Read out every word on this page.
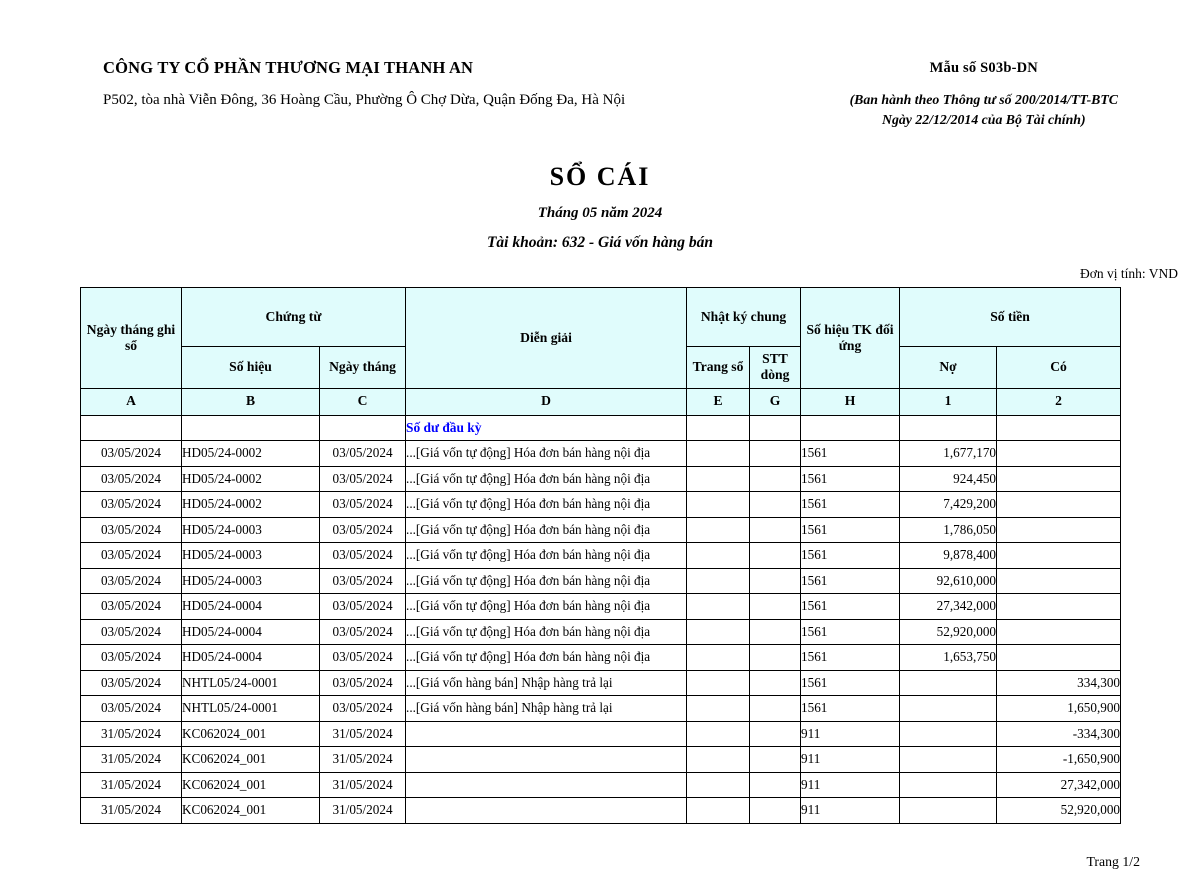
CÔNG TY CỔ PHẦN THƯƠNG MẠI THANH AN
P502, tòa nhà Viễn Đông, 36 Hoàng Cầu, Phường Ô Chợ Dừa, Quận Đống Đa, Hà Nội
Mẫu số S03b-DN
(Ban hành theo Thông tư số 200/2014/TT-BTC
Ngày 22/12/2014 của Bộ Tài chính)
SỔ CÁI
Tháng 05 năm 2024
Tài khoản: 632 - Giá vốn hàng bán
Đơn vị tính: VND
Ngày tháng ghi sổ	Chứng từ		Diễn giải	Nhật ký chung		Số hiệu TK đối ứng	Số tiền	

	Số hiệu	Ngày tháng		Trang sổ	STT dòng		Nợ	Có

A	B	C	D	E	G	H	1	2
			Số dư đầu kỳ					
03/05/2024	HD05/24-0002	03/05/2024	...[Giá vốn tự động] Hóa đơn bán hàng nội địa			1561	1,677,170	
03/05/2024	HD05/24-0002	03/05/2024	...[Giá vốn tự động] Hóa đơn bán hàng nội địa			1561	924,450	
03/05/2024	HD05/24-0002	03/05/2024	...[Giá vốn tự động] Hóa đơn bán hàng nội địa			1561	7,429,200	
03/05/2024	HD05/24-0003	03/05/2024	...[Giá vốn tự động] Hóa đơn bán hàng nội địa			1561	1,786,050	
03/05/2024	HD05/24-0003	03/05/2024	...[Giá vốn tự động] Hóa đơn bán hàng nội địa			1561	9,878,400	
03/05/2024	HD05/24-0003	03/05/2024	...[Giá vốn tự động] Hóa đơn bán hàng nội địa			1561	92,610,000	
03/05/2024	HD05/24-0004	03/05/2024	...[Giá vốn tự động] Hóa đơn bán hàng nội địa			1561	27,342,000	
03/05/2024	HD05/24-0004	03/05/2024	...[Giá vốn tự động] Hóa đơn bán hàng nội địa			1561	52,920,000	
03/05/2024	HD05/24-0004	03/05/2024	...[Giá vốn tự động] Hóa đơn bán hàng nội địa			1561	1,653,750	
03/05/2024	NHTL05/24-0001	03/05/2024	...[Giá vốn hàng bán] Nhập hàng trả lại			1561		334,300
03/05/2024	NHTL05/24-0001	03/05/2024	...[Giá vốn hàng bán] Nhập hàng trả lại			1561		1,650,900
31/05/2024	KC062024_001	31/05/2024				911		-334,300
31/05/2024	KC062024_001	31/05/2024				911		-1,650,900
31/05/2024	KC062024_001	31/05/2024				911		27,342,000
31/05/2024	KC062024_001	31/05/2024				911		52,920,000
Trang 1/2
